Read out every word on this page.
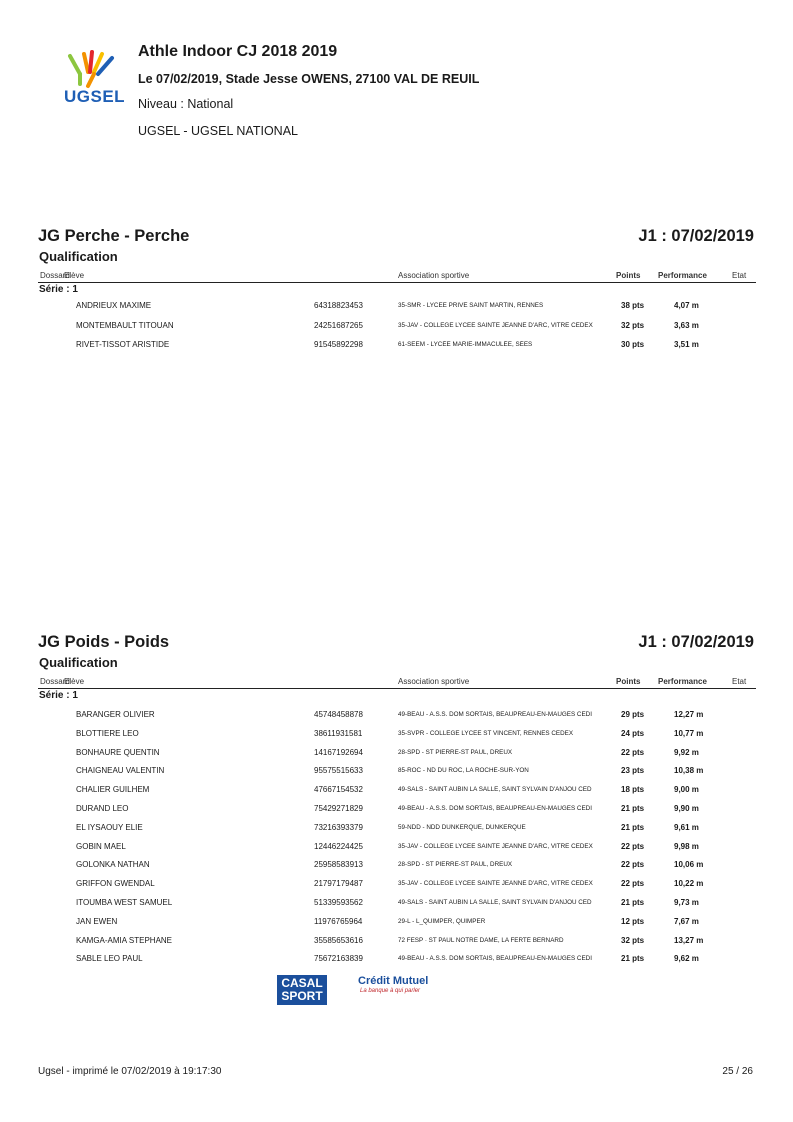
UGSEL
Athle Indoor CJ 2018 2019
Le 07/02/2019, Stade Jesse OWENS, 27100 VAL DE REUIL
Niveau : National
UGSEL - UGSEL NATIONAL
JG Perche - Perche	J1 : 07/02/2019
Qualification
Dossard
Elève	Association sportive	Points Performance	Etat
Série : 1
ANDRIEUX MAXIME	64318823453	35-SMR - LYCEE PRIVE SAINT MARTIN, RENNES	38 pts	4,07 m
MONTEMBAULT TITOUAN	24251687265	35-JAV - COLLEGE LYCEE SAINTE JEANNE D'ARC, VITRE CEDEX	32 pts	3,63 m
RIVET-TISSOT ARISTIDE	91545892298	61-SEEM - LYCÉE MARIE-IMMACULÉE, SÉES	30 pts	3,51 m
JG Poids - Poids	J1 : 07/02/2019
Qualification
Dossard
Elève	Association sportive	Points Performance	Etat
Série : 1
BARANGER OLIVIER	45748458878	49-BEAU - A.S.S. DOM SORTAIS, BEAUPREAU-EN-MAUGES CEDI	29 pts	12,27 m
BLOTTIERE LEO	38611931581	35-SVPR - COLLEGE LYCEE ST VINCENT, RENNES CEDEX	24 pts	10,77 m
BONHAURE QUENTIN	14167192694	28-SPD - ST PIERRE-ST PAUL, DREUX	22 pts	9,92 m
CHAIGNEAU VALENTIN	95575515633	85-ROC - ND DU ROC, LA ROCHE-SUR-YON	23 pts	10,38 m
CHALIER GUILHEM	47667154532	49-SALS - SAINT AUBIN LA SALLE, SAINT SYLVAIN D'ANJOU CED	18 pts	9,00 m
DURAND LEO	75429271829	49-BEAU - A.S.S. DOM SORTAIS, BEAUPREAU-EN-MAUGES CEDI	21 pts	9,90 m
EL IYSAOUY ELIE	73216393379	59-NDD - NDD DUNKERQUE, DUNKERQUE	21 pts	9,61 m
GOBIN MAEL	12446224425	35-JAV - COLLEGE LYCEE SAINTE JEANNE D'ARC, VITRE CEDEX	22 pts	9,98 m
GOLONKA NATHAN	25958583913	28-SPD - ST PIERRE-ST PAUL, DREUX	22 pts	10,06 m
GRIFFON GWENDAL	21797179487	35-JAV - COLLEGE LYCEE SAINTE JEANNE D'ARC, VITRE CEDEX	22 pts	10,22 m
ITOUMBA WEST SAMUEL	51339593562	49-SALS - SAINT AUBIN LA SALLE, SAINT SYLVAIN D'ANJOU CED	21 pts	9,73 m
JAN EWEN	11976765964	29-L - L_QUIMPER, QUIMPER	12 pts	7,67 m
KAMGA-AMIA STEPHANE	35585653616	72 FESP · ST PAUL NOTRE DAME, LA FERTÉ BERNARD	32 pts	13,27 m
SABLE LEO PAUL	75672163839	49-BEAU - A.S.S. DOM SORTAIS, BEAUPREAU-EN-MAUGES CEDI	21 pts	9,62 m
CASAL
SPORT
Crédit Mutuel
La banque à qui parler
Ugsel - imprimé le 07/02/2019 à 19:17:30	25 / 26
